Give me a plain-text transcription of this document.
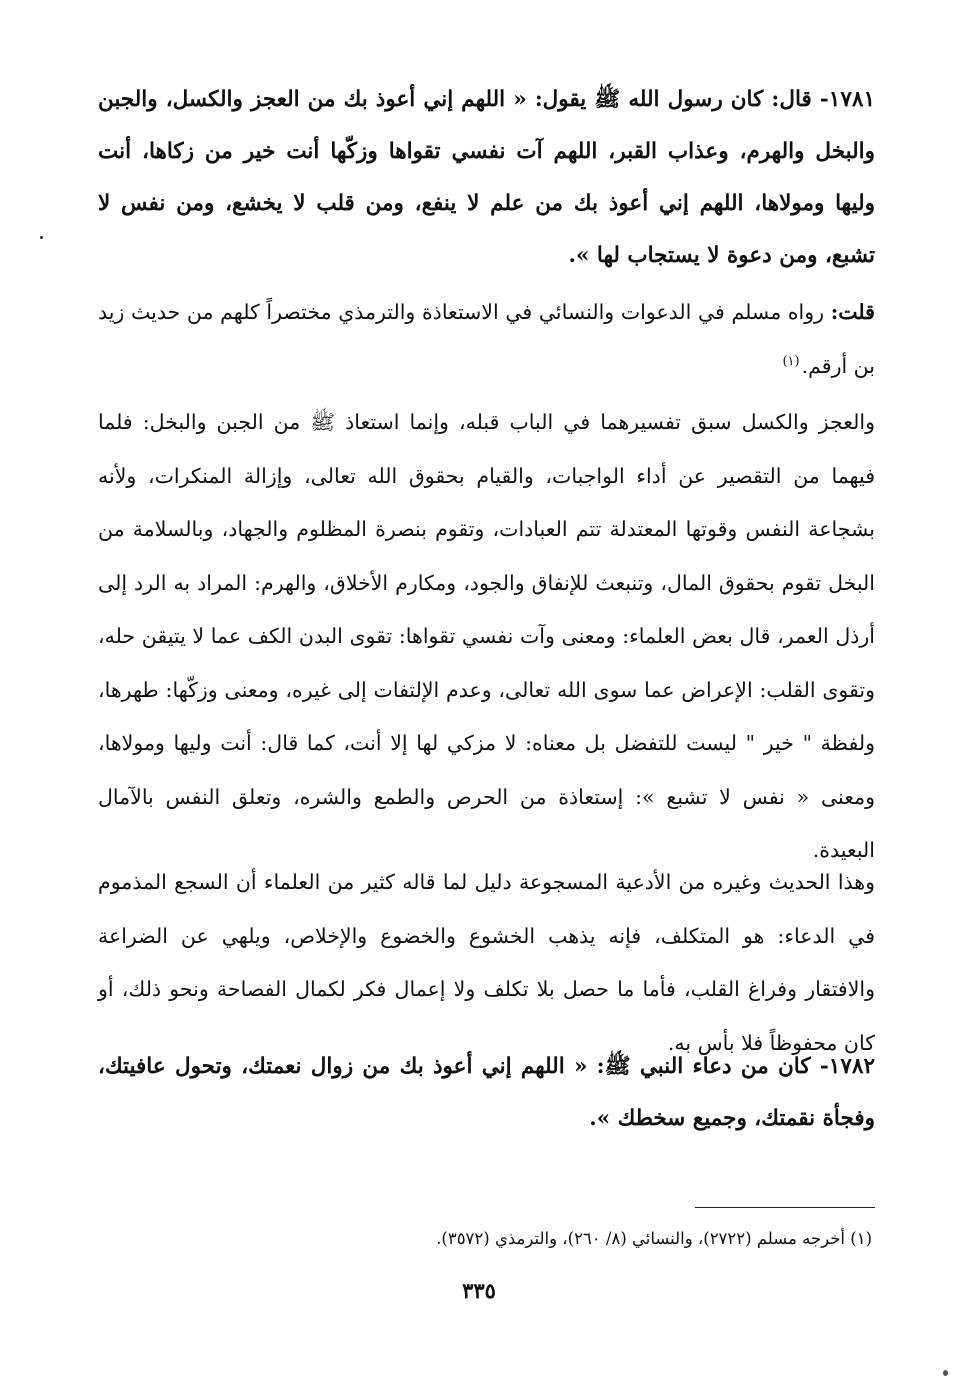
١٧٨١- قال: كان رسول الله ﷺ يقول: « اللهم إني أعوذ بك من العجز والكسل، والجبن والبخل والهرم، وعذاب القبر، اللهم آت نفسي تقواها وزكّها أنت خير من زكاها، أنت وليها ومولاها، اللهم إني أعوذ بك من علم لا ينفع، ومن قلب لا يخشع، ومن نفس لا تشبع، ومن دعوة لا يستجاب لها ».

قلت: رواه مسلم في الدعوات والنسائي في الاستعاذة والترمذي مختصراً كلهم من حديث زيد بن أرقم.$^{(١)}$

والعجز والكسل سبق تفسيرهما في الباب قبله، وإنما استعاذ ﷺ من الجبن والبخل: فلما فيهما من التقصير عن أداء الواجبات، والقيام بحقوق الله تعالى، وإزالة المنكرات، ولأنه بشجاعة النفس وقوتها المعتدلة تتم العبادات، وتقوم بنصرة المظلوم والجهاد، وبالسلامة من البخل تقوم بحقوق المال، وتنبعث للإنفاق والجود، ومكارم الأخلاق، والهرم: المراد به الرد إلى أرذل العمر، قال بعض العلماء: ومعنى وآت نفسي تقواها: تقوى البدن الكف عما لا يتيقن حله، وتقوى القلب: الإعراض عما سوى الله تعالى، وعدم الإلتفات إلى غيره، ومعنى وزكّها: طهرها، ولفظة " خير " ليست للتفضل بل معناه: لا مزكي لها إلا أنت، كما قال: أنت وليها ومولاها، ومعنى « نفس لا تشبع »: إستعاذة من الحرص والطمع والشره، وتعلق النفس بالآمال البعيدة.

وهذا الحديث وغيره من الأدعية المسجوعة دليل لما قاله كثير من العلماء أن السجع المذموم في الدعاء: هو المتكلف، فإنه يذهب الخشوع والخضوع والإخلاص، ويلهي عن الضراعة والافتقار وفراغ القلب، فأما ما حصل بلا تكلف ولا إعمال فكر لكمال الفصاحة ونحو ذلك، أو كان محفوظاً فلا بأس به.

١٧٨٢- كان من دعاء النبي ﷺ: « اللهم إني أعوذ بك من زوال نعمتك، وتحول عافيتك، وفجأة نقمتك، وجميع سخطك ».

(١) أخرجه مسلم (٢٧٢٢)، والنسائي (٨/ ٢٦٠)، والترمذي (٣٥٧٢).

٣٣٥
